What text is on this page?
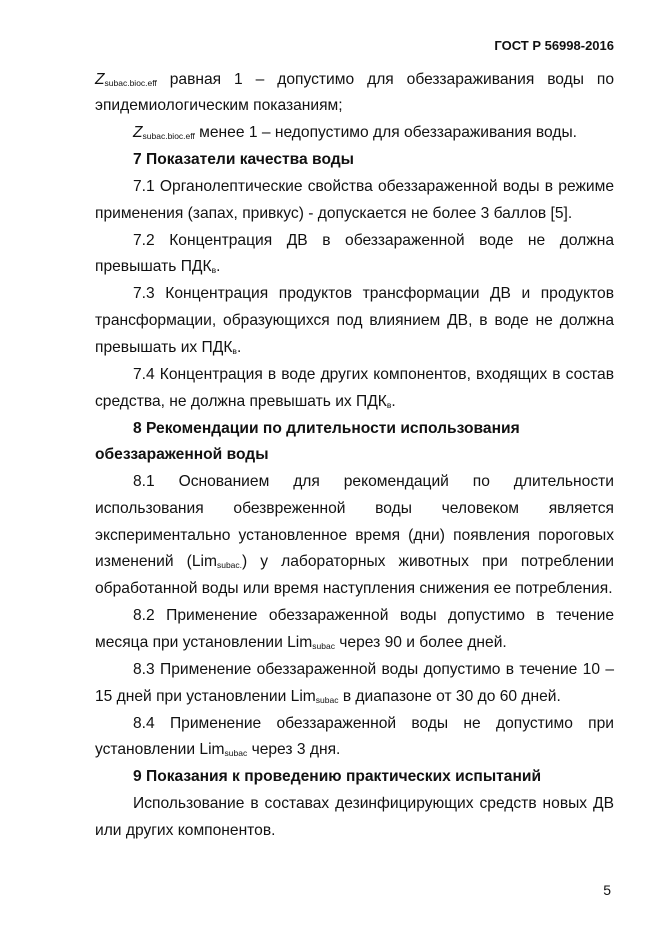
ГОСТ Р 56998-2016
$Z_{subac.bioc.eff}$ равная 1 – допустимо для обеззараживания воды по
эпидемиологическим показаниям;
$Z_{subac.bioc.eff}$ менее 1 – недопустимо для обеззараживания воды.
7 Показатели качества воды
7.1 Органолептические свойства обеззараженной воды в режиме
применения (запах, привкус) - допускается не более 3 баллов [5].
7.2 Концентрация ДВ в обеззараженной воде не должна
превышать $ПДК_в$.
7.3 Концентрация продуктов трансформации ДВ и продуктов
трансформации, образующихся под влиянием ДВ, в воде не должна
превышать их $ПДК_в$.
7.4 Концентрация в воде других компонентов, входящих в состав
средства, не должна превышать их $ПДК_в$.
8 Рекомендации по длительности использования
обеззараженной воды
8.1 Основанием для рекомендаций по длительности
использования обезвреженной воды человеком является
экспериментально установленное время (дни) появления пороговых
изменений (Lim$_{subac.}$) у лабораторных животных при потреблении
обработанной воды или время наступления снижения ее потребления.
8.2 Применение обеззараженной воды допустимо в течение
месяца при установлении Lim$_{subac}$ через 90 и более дней.
8.3 Применение обеззараженной воды допустимо в течение 10 –
15 дней при установлении Lim$_{subac}$ в диапазоне от 30 до 60 дней.
8.4 Применение обеззараженной воды не допустимо при
установлении Lim$_{subac}$ через 3 дня.
9 Показания к проведению практических испытаний
Использование в составах дезинфицирующих средств новых ДВ
или других компонентов.
5
